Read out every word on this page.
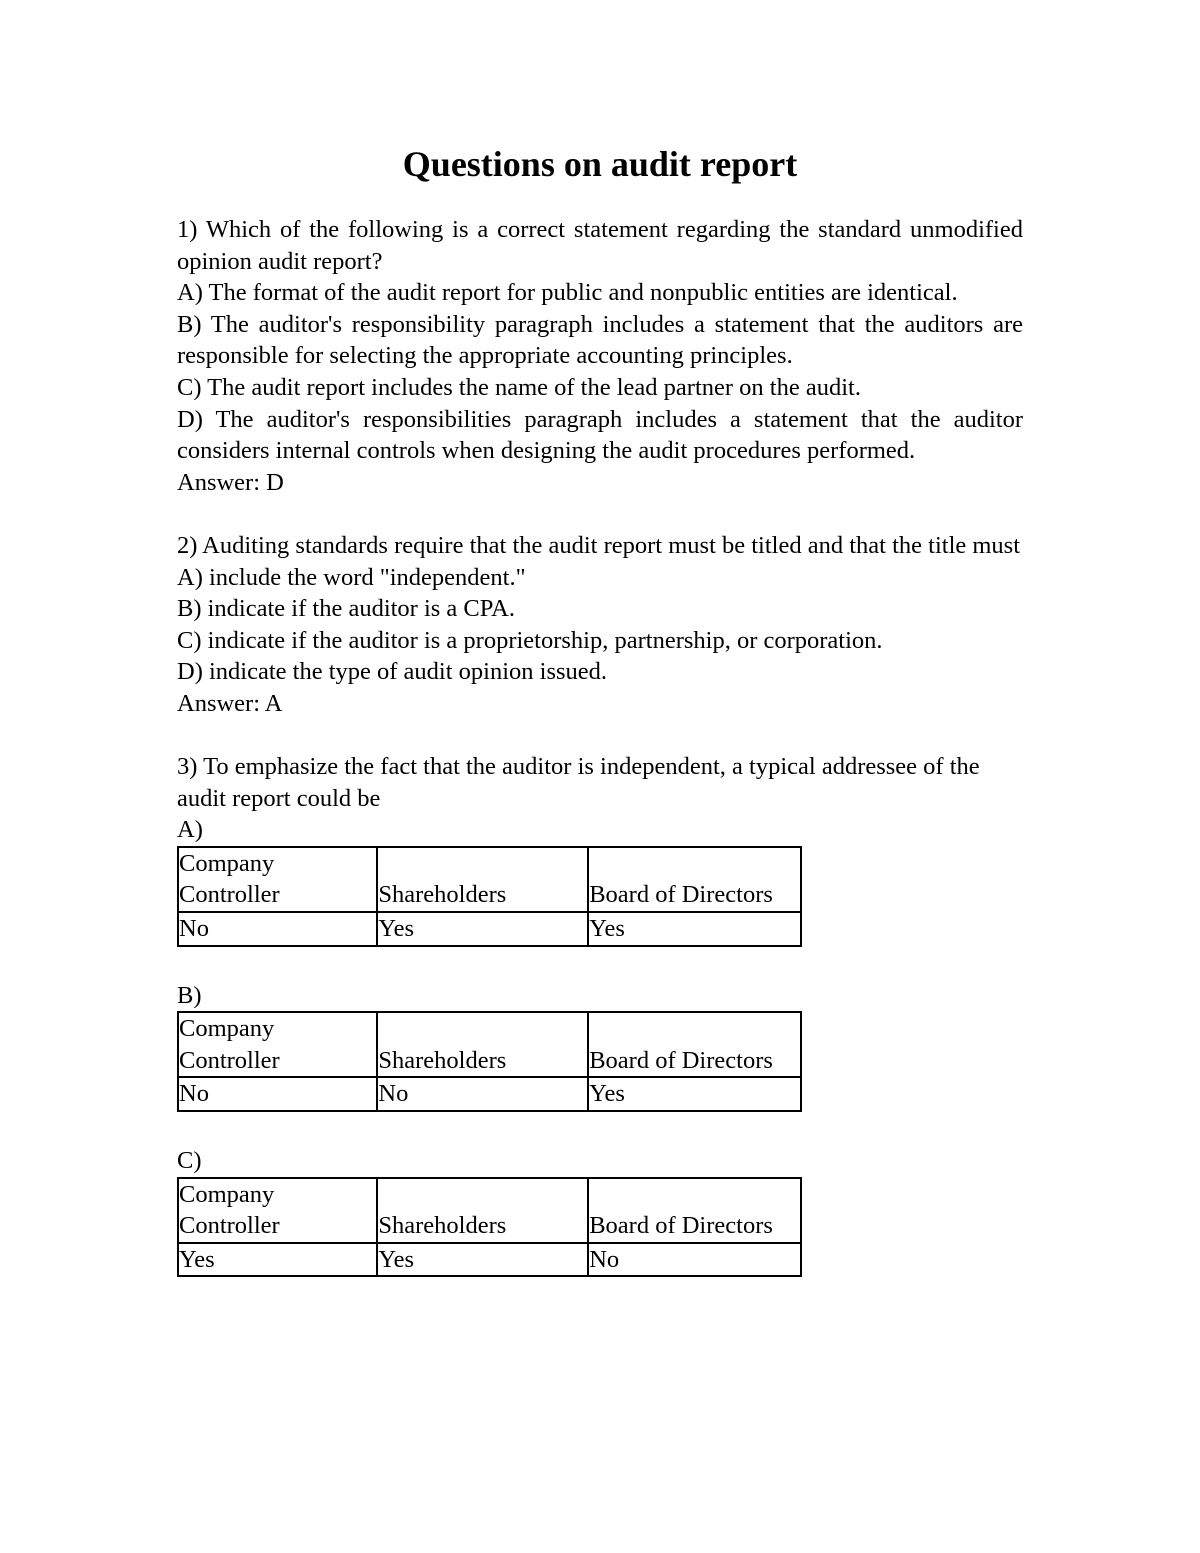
Questions on audit report

1) Which of the following is a correct statement regarding the standard unmodified opinion audit report?

A) The format of the audit report for public and nonpublic entities are identical.

B) The auditor's responsibility paragraph includes a statement that the auditors are responsible for selecting the appropriate accounting principles.

C) The audit report includes the name of the lead partner on the audit.

D) The auditor's responsibilities paragraph includes a statement that the auditor considers internal controls when designing the audit procedures performed.

Answer: D

2) Auditing standards require that the audit report must be titled and that the title must

A) include the word "independent."

B) indicate if the auditor is a CPA.

C) indicate if the auditor is a proprietorship, partnership, or corporation.

D) indicate the type of audit opinion issued.

Answer: A

3) To emphasize the fact that the auditor is independent, a typical addressee of the audit report could be

A)

Company Controller	Shareholders	Board of Directors
No	Yes	Yes

B)

Company Controller	Shareholders	Board of Directors
No	No	Yes

C)

Company Controller	Shareholders	Board of Directors
Yes	Yes	No
